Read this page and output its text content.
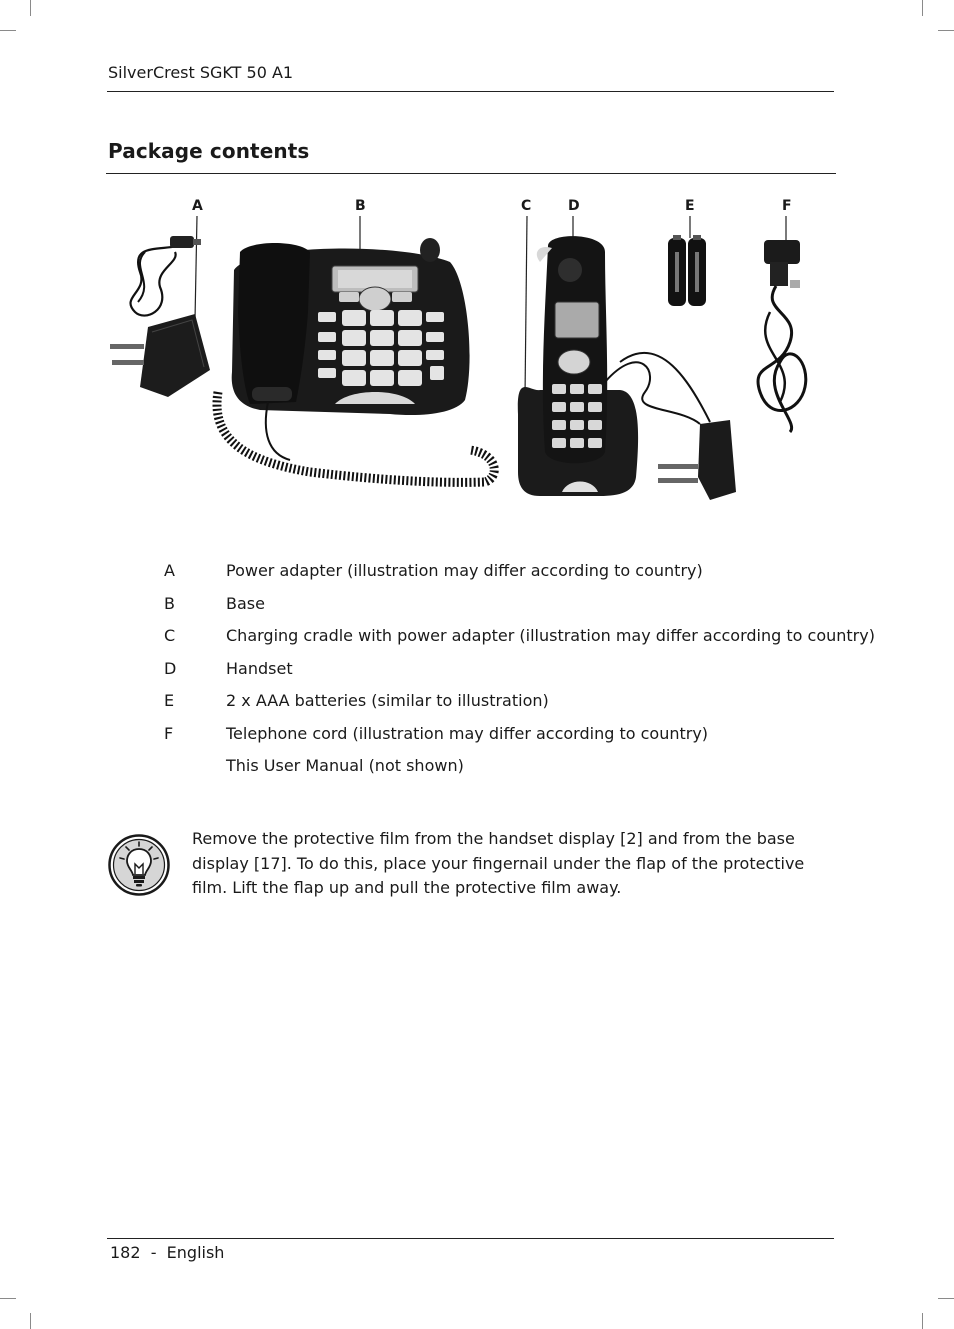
SilverCrest SGKT 50 A1
Package contents
A	B	C	D	E	F
A	Power adapter (illustration may differ according to country)
B	Base
C	Charging cradle with power adapter (illustration may differ according to country)
D	Handset
E	2 x AAA batteries (similar to illustration)
F	Telephone cord (illustration may differ according to country)
This User Manual (not shown)
Remove the protective film from the handset display [2] and from the base display [17]. To do this, place your fingernail under the flap of the protective film. Lift the flap up and pull the protective film away.
182 - English
